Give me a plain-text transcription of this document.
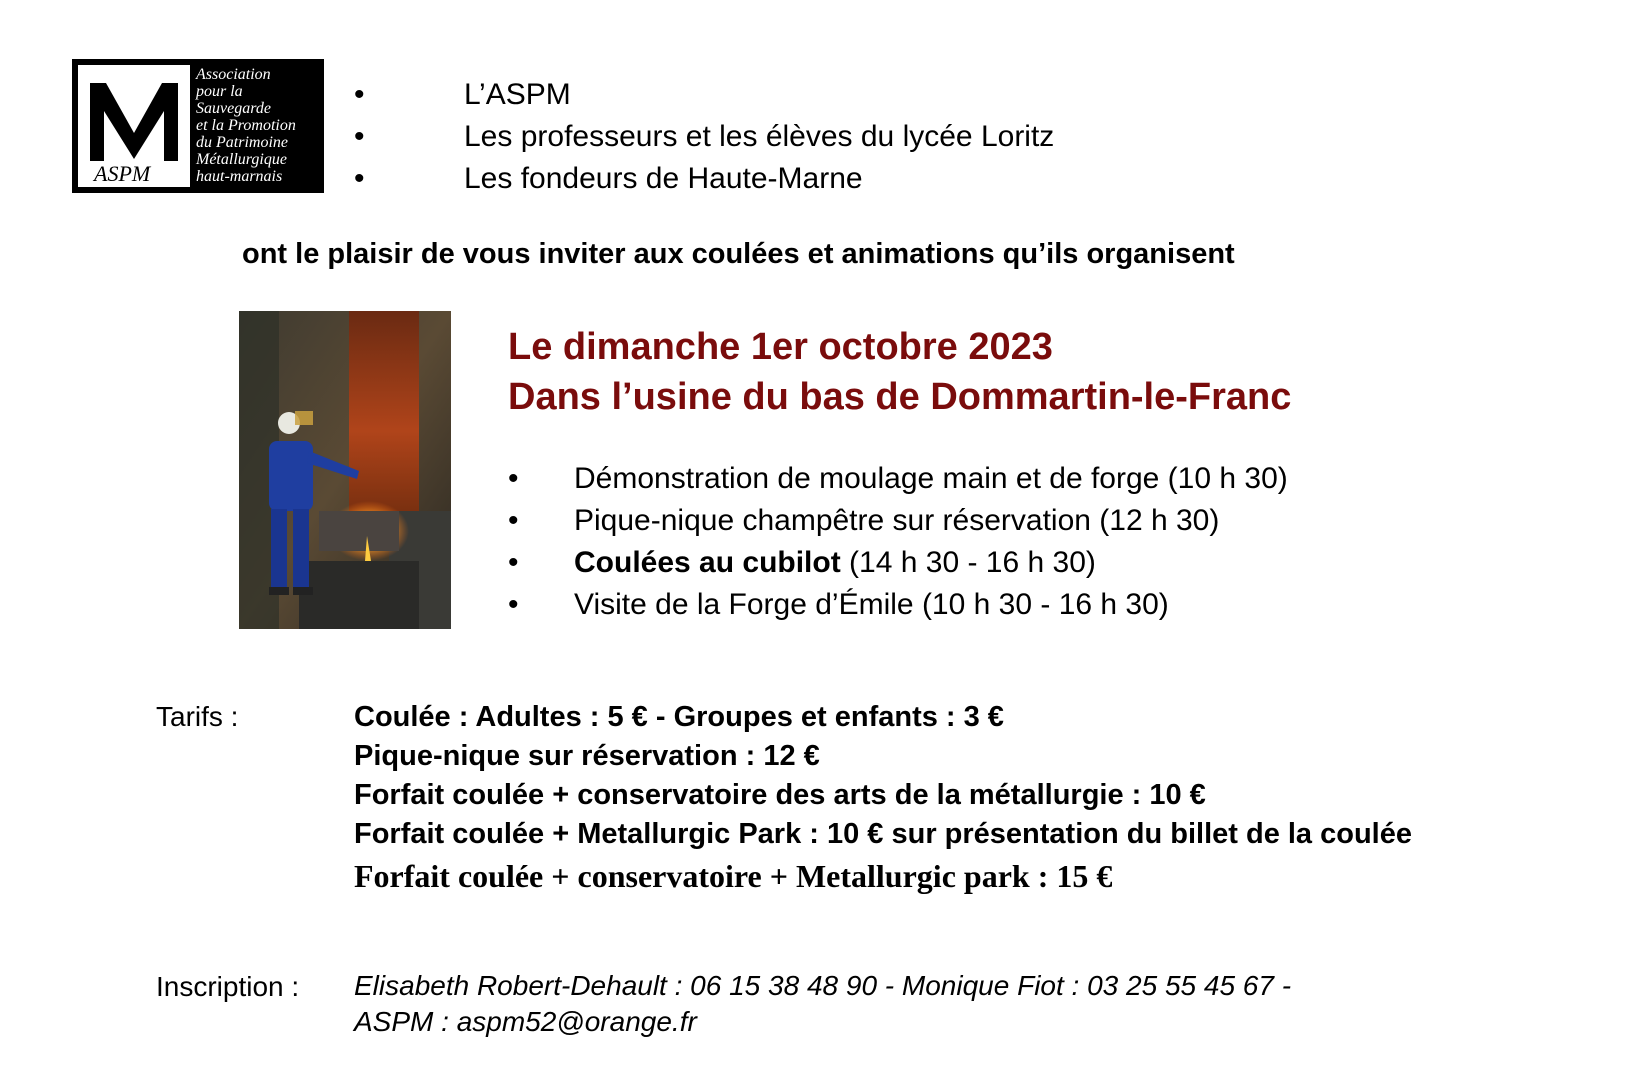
ASPM
Association
pour la
Sauvegarde
et la Promotion
du Patrimoine
Métallurgique
haut-marnais
•	L’ASPM
•	Les professeurs et les élèves du lycée Loritz
•	Les fondeurs de Haute-Marne
ont le plaisir de vous inviter aux coulées et animations qu’ils organisent
Le dimanche 1er octobre 2023
Dans l’usine du bas de Dommartin-le-Franc
• Démonstration de moulage main et de forge (10 h 30)
• Pique-nique champêtre sur réservation (12 h 30)
• Coulées au cubilot (14 h 30 - 16 h 30)
• Visite de la Forge d’Émile (10 h 30 - 16 h 30)
Tarifs :	Coulée : Adultes : 5 € - Groupes et enfants : 3 €
Pique-nique sur réservation : 12 €
Forfait coulée + conservatoire des arts de la métallurgie : 10 €
Forfait coulée + Metallurgic Park : 10 € sur présentation du billet de la coulée
Forfait coulée + conservatoire + Metallurgic park : 15 €
Inscription : Elisabeth Robert-Dehault : 06 15 38 48 90 - Monique Fiot : 03 25 55 45 67 -
ASPM : aspm52@orange.fr
